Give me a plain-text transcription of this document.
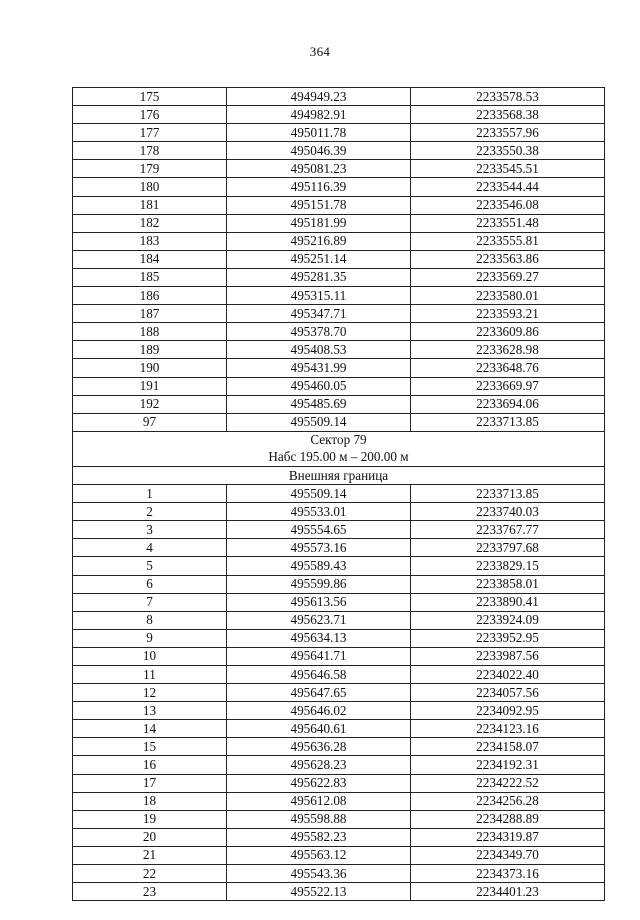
364
175	494949.23	2233578.53
176	494982.91	2233568.38
177	495011.78	2233557.96
178	495046.39	2233550.38
179	495081.23	2233545.51
180	495116.39	2233544.44
181	495151.78	2233546.08
182	495181.99	2233551.48
183	495216.89	2233555.81
184	495251.14	2233563.86
185	495281.35	2233569.27
186	495315.11	2233580.01
187	495347.71	2233593.21
188	495378.70	2233609.86
189	495408.53	2233628.98
190	495431.99	2233648.76
191	495460.05	2233669.97
192	495485.69	2233694.06
97	495509.14	2233713.85
Сектор 79		
Набс 195.00 м – 200.00 м		
Внешняя граница		
1	495509.14	2233713.85
2	495533.01	2233740.03
3	495554.65	2233767.77
4	495573.16	2233797.68
5	495589.43	2233829.15
6	495599.86	2233858.01
7	495613.56	2233890.41
8	495623.71	2233924.09
9	495634.13	2233952.95
10	495641.71	2233987.56
11	495646.58	2234022.40
12	495647.65	2234057.56
13	495646.02	2234092.95
14	495640.61	2234123.16
15	495636.28	2234158.07
16	495628.23	2234192.31
17	495622.83	2234222.52
18	495612.08	2234256.28
19	495598.88	2234288.89
20	495582.23	2234319.87
21	495563.12	2234349.70
22	495543.36	2234373.16
23	495522.13	2234401.23
